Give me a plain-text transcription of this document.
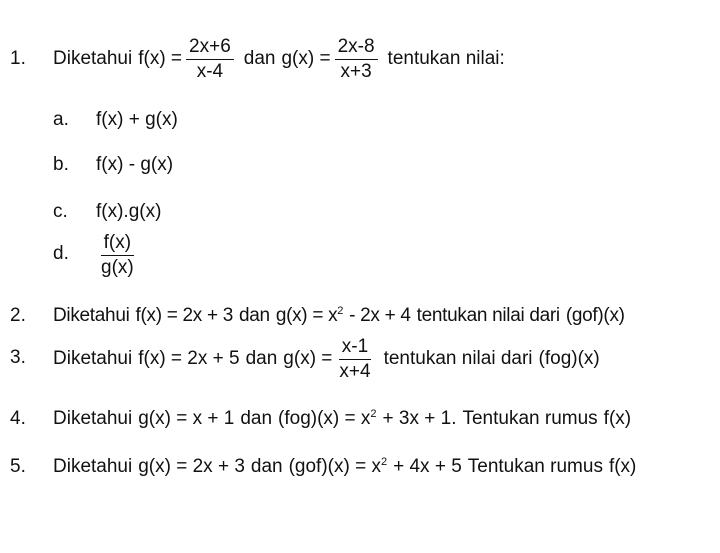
1. Diketahui $f(x) = \frac{2x+6}{x-4}$ dan $g(x) = \frac{2x-8}{x+3}$ tentukan nilai:
a. f(x) + g(x)
b. f(x) - g(x)
c. f(x).g(x)
d. $\frac{f(x)}{g(x)}$
2. Diketahui f(x) = 2x + 3 dan $g(x) = x^2 - 2x + 4$ tentukan nilai dari (gof)(x)
3. Diketahui f(x) = 2x + 5 dan $g(x) = \frac{x-1}{x+4}$ tentukan nilai dari (fog)(x)
4. Diketahui g(x) = x + 1 dan $(fog)(x) = x^2 + 3x + 1$. Tentukan rumus f(x)
5. Diketahui g(x) = 2x + 3 dan $(gof)(x) = x^2 + 4x + 5$ Tentukan rumus f(x)
